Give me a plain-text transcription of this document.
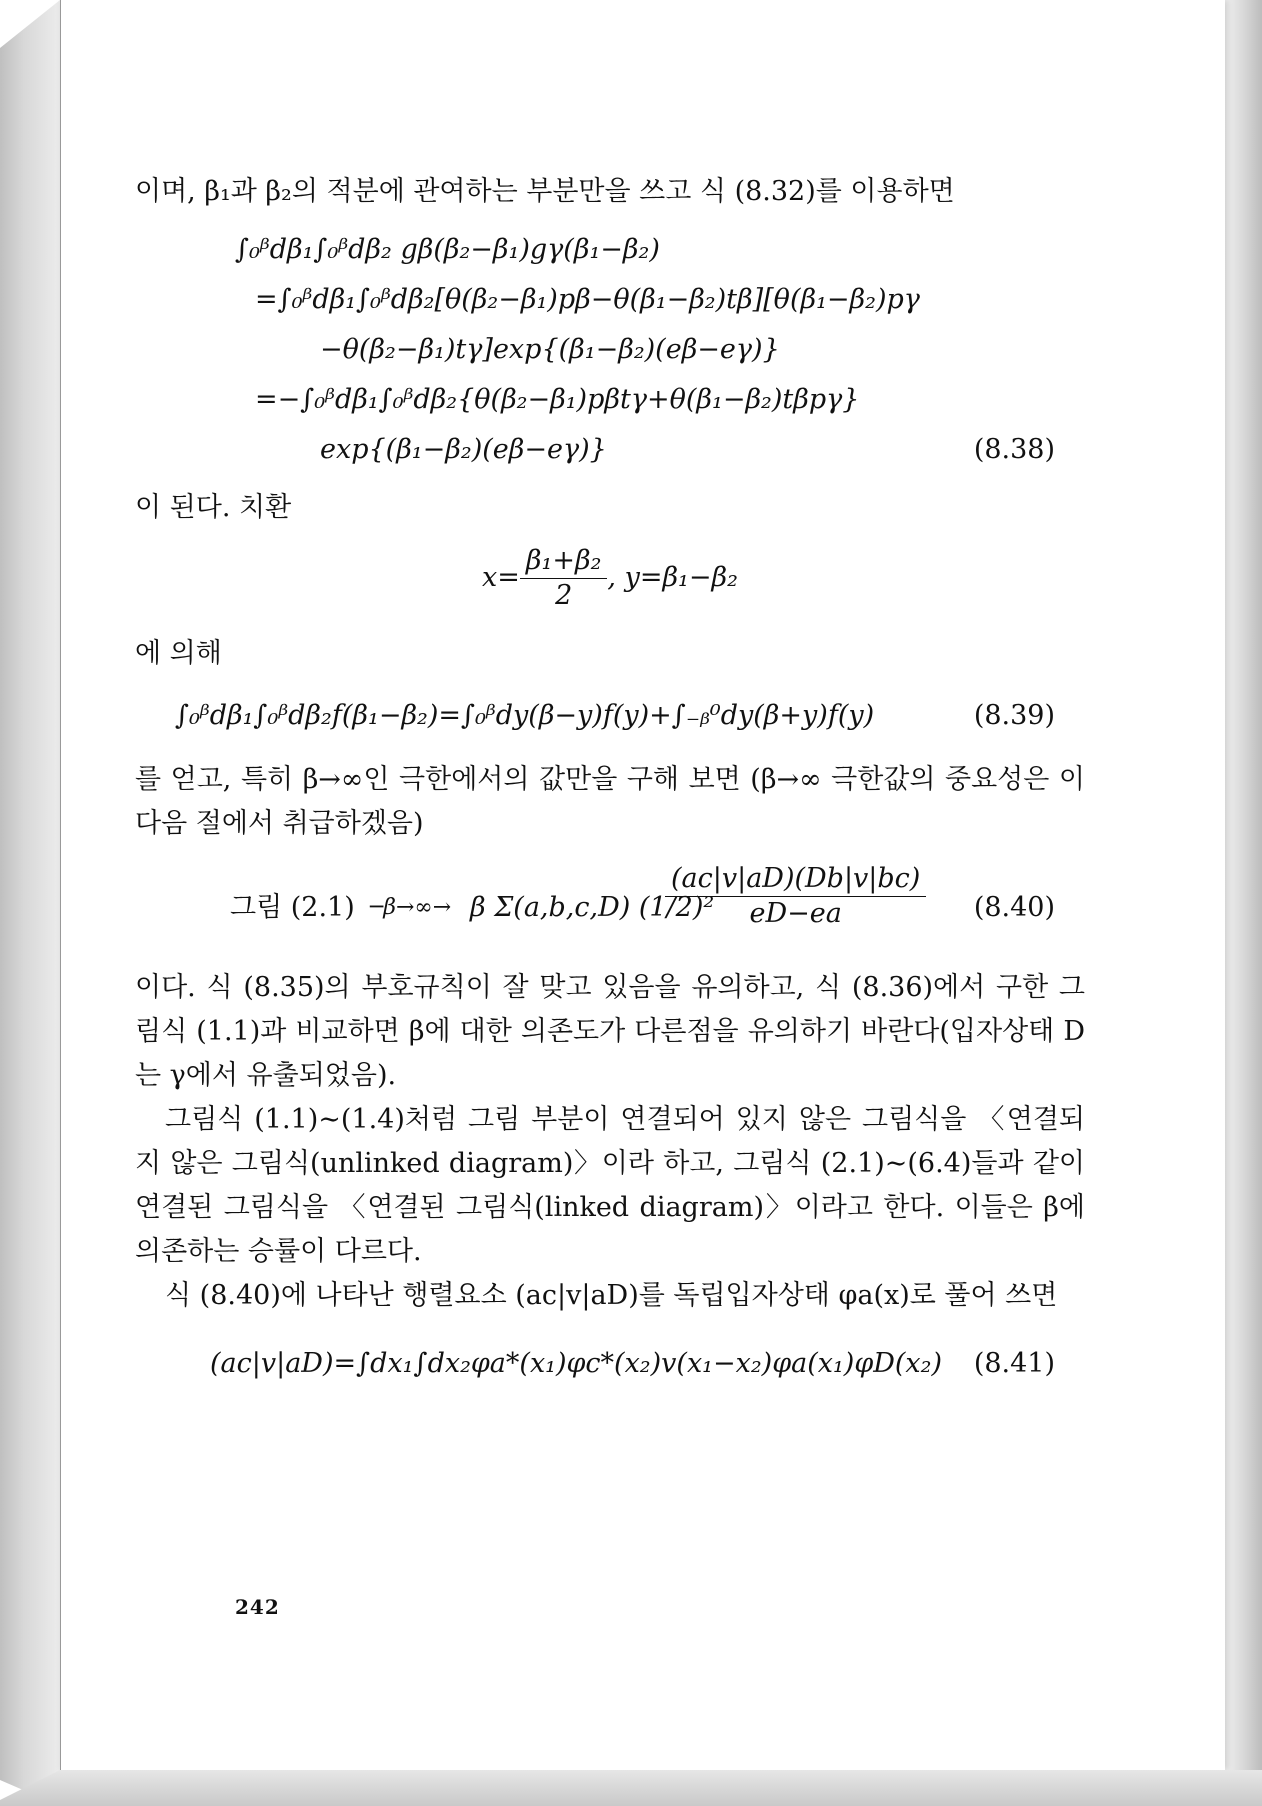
이며, β₁과 β₂의 적분에 관여하는 부분만을 쓰고 식 (8.32)를 이용하면

∫₀ᵝdβ₁∫₀ᵝdβ₂ gβ(β₂−β₁)gγ(β₁−β₂)
=∫₀ᵝdβ₁∫₀ᵝdβ₂[θ(β₂−β₁)pβ−θ(β₁−β₂)tβ][θ(β₁−β₂)pγ
−θ(β₂−β₁)tγ]exp{(β₁−β₂)(eβ−eγ)}
=−∫₀ᵝdβ₁∫₀ᵝdβ₂{θ(β₂−β₁)pβtγ+θ(β₁−β₂)tβpγ}
exp{(β₁−β₂)(eβ−eγ)}	(8.38)

이 된다. 치환

$x= \frac{\text{β₁+β₂}}{2}$ , y=β₁−β₂

에 의해

∫₀ᵝdβ₁∫₀ᵝdβ₂f(β₁−β₂)=∫₀ᵝdy(β−y)f(y)+∫₋ᵦ⁰dy(β+y)f(y)	(8.39)

를 얻고, 특히 β→∞인 극한에서의 값만을 구해 보면 (β→∞ 극한값의 중요성은 이 다음 절에서 취급하겠음)

그림 (2.1) ─β→∞→ β Σ(a,b,c,D) (1/2)²
$\frac{(ac|v|aD)(Db|v|bc)}{eD-ea} (8.40)$

이다. 식 (8.35)의 부호규칙이 잘 맞고 있음을 유의하고, 식 (8.36)에서 구한 그림식 (1.1)과 비교하면 β에 대한 의존도가 다른점을 유의하기 바란다(입자상태 D는 γ에서 유출되었음).

그림식 (1.1)∼(1.4)처럼 그림 부분이 연결되어 있지 않은 그림식을 〈연결되지 않은 그림식(unlinked diagram)〉이라 하고, 그림식 (2.1)∼(6.4)들과 같이 연결된 그림식을 〈연결된 그림식(linked diagram)〉이라고 한다. 이들은 β에 의존하는 승률이 다르다.

식 (8.40)에 나타난 행렬요소 (ac|v|aD)를 독립입자상태 φa(x)로 풀어 쓰면

(ac|v|aD)=∫dx₁∫dx₂φa*(x₁)φc*(x₂)v(x₁−x₂)φa(x₁)φD(x₂) (8.41)
242
